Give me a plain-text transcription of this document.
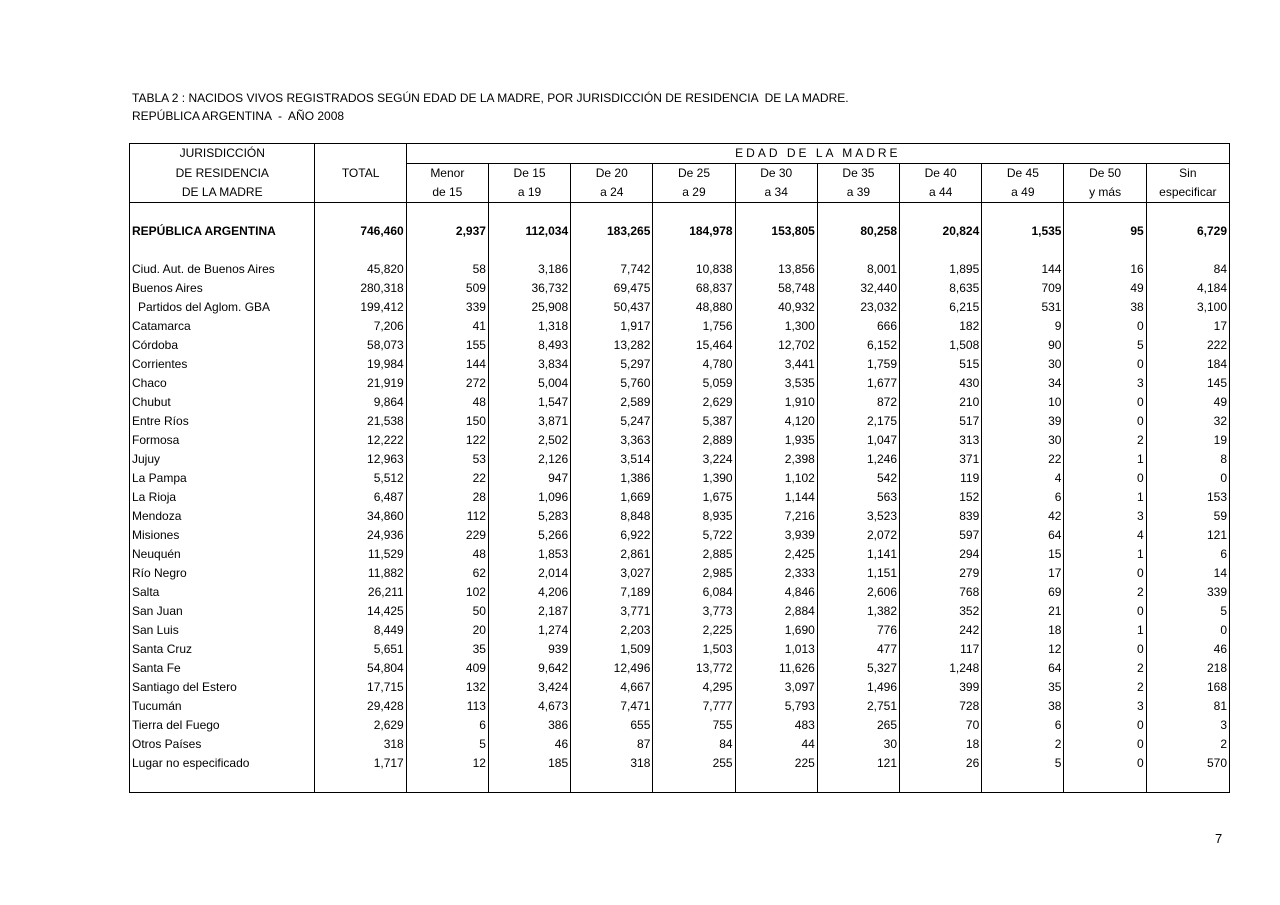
TABLA 2 : NACIDOS VIVOS REGISTRADOS SEGÚN EDAD DE LA MADRE, POR JURISDICCIÓN DE RESIDENCIA  DE LA MADRE.
REPÚBLICA ARGENTINA  -  AÑO 2008
JURISDICCIÓN		EDAD DE LA MADRE									
DE RESIDENCIA	TOTAL	Menor	De 15	De 20	De 25	De 30	De 35	De 40	De 45	De 50	Sin
DE LA MADRE		de 15	a 19	a 24	a 29	a 34	a 39	a 44	a 49	y más	especificar

REPÚBLICA ARGENTINA	746,460	2,937	112,034	183,265	184,978	153,805	80,258	20,824	1,535	95	6,729

Ciud. Aut. de Buenos Aires	45,820	58	3,186	7,742	10,838	13,856	8,001	1,895	144	16	84
Buenos Aires	280,318	509	36,732	69,475	68,837	58,748	32,440	8,635	709	49	4,184
Partidos del Aglom. GBA	199,412	339	25,908	50,437	48,880	40,932	23,032	6,215	531	38	3,100
Catamarca	7,206	41	1,318	1,917	1,756	1,300	666	182	9	0	17
Córdoba	58,073	155	8,493	13,282	15,464	12,702	6,152	1,508	90	5	222
Corrientes	19,984	144	3,834	5,297	4,780	3,441	1,759	515	30	0	184
Chaco	21,919	272	5,004	5,760	5,059	3,535	1,677	430	34	3	145
Chubut	9,864	48	1,547	2,589	2,629	1,910	872	210	10	0	49
Entre Ríos	21,538	150	3,871	5,247	5,387	4,120	2,175	517	39	0	32
Formosa	12,222	122	2,502	3,363	2,889	1,935	1,047	313	30	2	19
Jujuy	12,963	53	2,126	3,514	3,224	2,398	1,246	371	22	1	8
La Pampa	5,512	22	947	1,386	1,390	1,102	542	119	4	0	0
La Rioja	6,487	28	1,096	1,669	1,675	1,144	563	152	6	1	153
Mendoza	34,860	112	5,283	8,848	8,935	7,216	3,523	839	42	3	59
Misiones	24,936	229	5,266	6,922	5,722	3,939	2,072	597	64	4	121
Neuquén	11,529	48	1,853	2,861	2,885	2,425	1,141	294	15	1	6
Río Negro	11,882	62	2,014	3,027	2,985	2,333	1,151	279	17	0	14
Salta	26,211	102	4,206	7,189	6,084	4,846	2,606	768	69	2	339
San Juan	14,425	50	2,187	3,771	3,773	2,884	1,382	352	21	0	5
San Luis	8,449	20	1,274	2,203	2,225	1,690	776	242	18	1	0
Santa Cruz	5,651	35	939	1,509	1,503	1,013	477	117	12	0	46
Santa Fe	54,804	409	9,642	12,496	13,772	11,626	5,327	1,248	64	2	218
Santiago del Estero	17,715	132	3,424	4,667	4,295	3,097	1,496	399	35	2	168
Tucumán	29,428	113	4,673	7,471	7,777	5,793	2,751	728	38	3	81
Tierra del Fuego	2,629	6	386	655	755	483	265	70	6	0	3
Otros Países	318	5	46	87	84	44	30	18	2	0	2
Lugar no especificado	1,717	12	185	318	255	225	121	26	5	0	570

7
